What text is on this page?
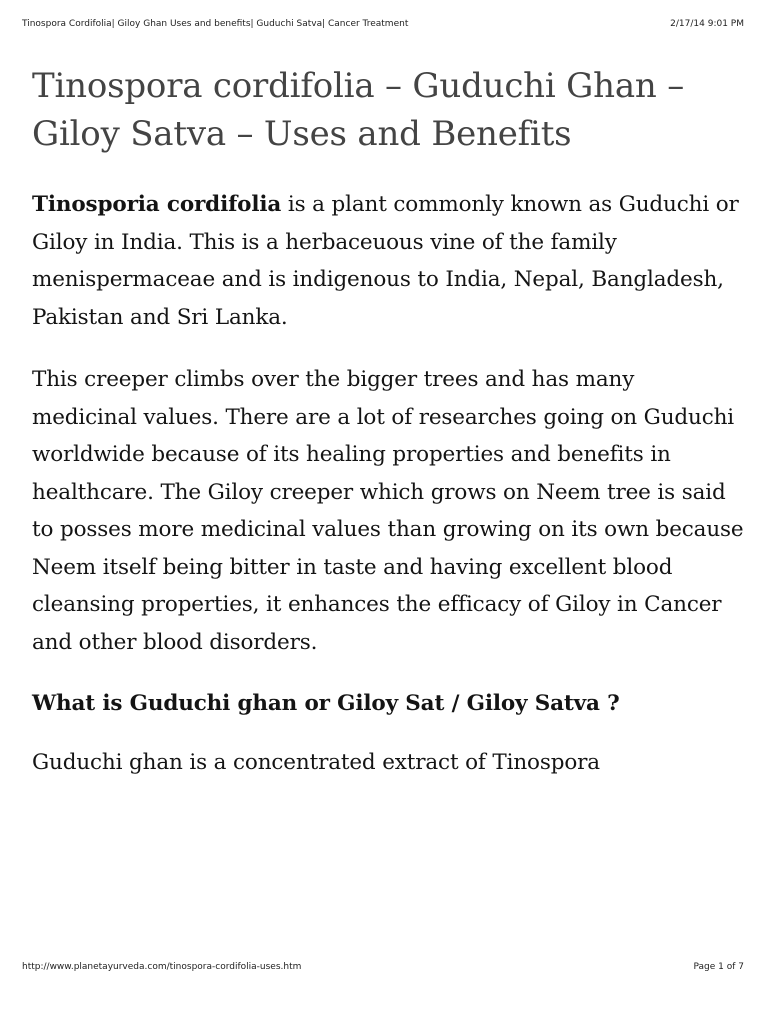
Tinospora Cordifolia| Giloy Ghan Uses and benefits| Guduchi Satva| Cancer Treatment	2/17/14 9:01 PM
Tinospora cordifolia – Guduchi Ghan – Giloy Satva – Uses and Benefits

Tinosporia cordifolia is a plant commonly known as Guduchi or Giloy in India. This is a herbaceuous vine of the family menispermaceae and is indigenous to India, Nepal, Bangladesh, Pakistan and Sri Lanka.

This creeper climbs over the bigger trees and has many medicinal values. There are a lot of researches going on Guduchi worldwide because of its healing properties and benefits in healthcare. The Giloy creeper which grows on Neem tree is said to posses more medicinal values than growing on its own because Neem itself being bitter in taste and having excellent blood cleansing properties, it enhances the efficacy of Giloy in Cancer and other blood disorders.

What is Guduchi ghan or Giloy Sat / Giloy Satva ?

Guduchi ghan is a concentrated extract of Tinospora

http://www.planetayurveda.com/tinospora-cordifolia-uses.htm	Page 1 of 7
